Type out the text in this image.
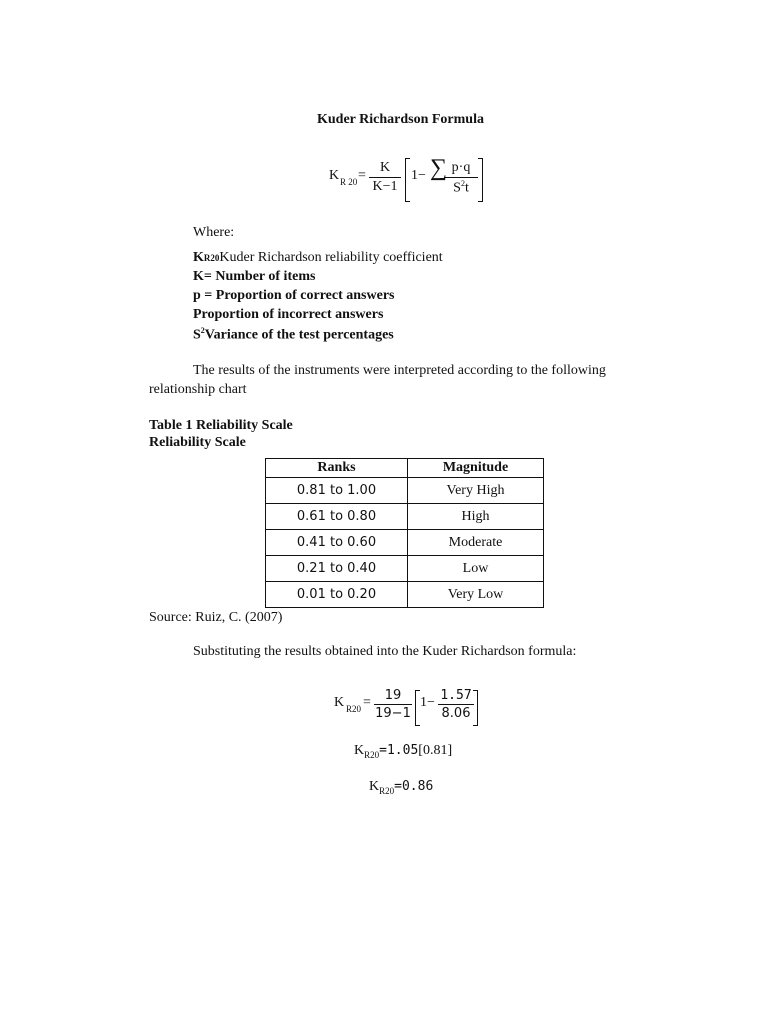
Kuder Richardson Formula
K R 20 =
K
K−1
1− ∑ p·q
$S^2t$
Where:
KR20Kuder Richardson reliability coefficient
K= Number of items
p = Proportion of correct answers
Proportion of incorrect answers
$S^2Variance$ of the test percentages
The results of the instruments were interpreted according to the following
relationship chart
Table 1 Reliability Scale
Reliability Scale
Ranks	Magnitude
0.81 to 1.00	Very High
0.61 to 0.80	High
0.41 to 0.60	Moderate
0.21 to 0.40	Low
0.01 to 0.20	Very Low
Source: Ruiz, C. (2007)
Substituting the results obtained into the Kuder Richardson formula:
K R20 =	19
19−1
1− 1.57
8.06
$K_{R20}=1.05[0.81]$
$K_{R20}=0.86$
